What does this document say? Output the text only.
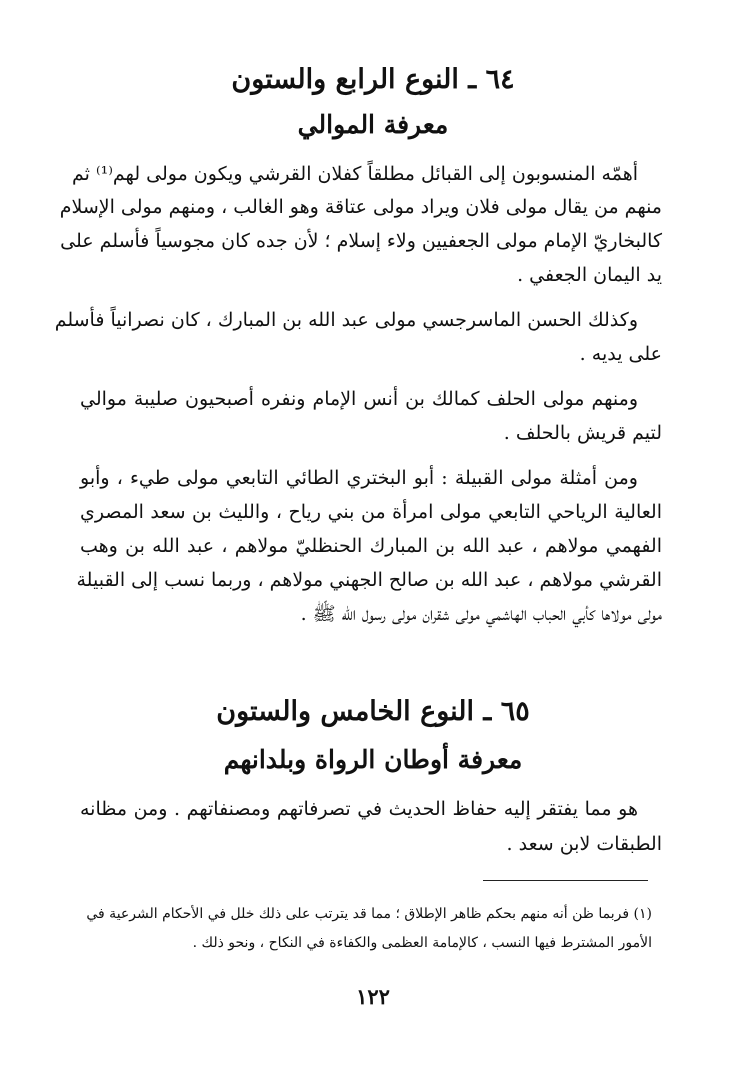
٦٤ ـ النوع الرابع والستون
معرفة الموالي
أهمّه المنسوبون إلى القبائل مطلقاً كفلان القرشي ويكون مولى لهم⁽¹⁾ ثم
منهم من يقال مولى فلان ويراد مولى عتاقة وهو الغالب ، ومنهم مولى الإسلام
كالبخاريّ الإمام مولى الجعفيين ولاء إسلام ؛ لأن جده كان مجوسياً فأسلم على
يد اليمان الجعفي .
وكذلك الحسن الماسرجسي مولى عبد الله بن المبارك ، كان نصرانياً فأسلم
على يديه .
ومنهم مولى الحلف كمالك بن أنس الإمام ونفره أصبحيون صليبة موالي
لتيم قريش بالحلف .
ومن أمثلة مولى القبيلة : أبو البختري الطائي التابعي مولى طيء ، وأبو
العالية الرياحي التابعي مولى امرأة من بني رياح ، والليث بن سعد المصري
الفهمي مولاهم ، عبد الله بن المبارك الحنظليّ مولاهم ، عبد الله بن وهب
القرشي مولاهم ، عبد الله بن صالح الجهني مولاهم ، وربما نسب إلى القبيلة
مولى مولاها كأبي الحباب الهاشمي مولى شقران مولى رسول الله ﷺ .
٦٥ ـ النوع الخامس والستون
معرفة أوطان الرواة وبلدانهم
هو مما يفتقر إليه حفاظ الحديث في تصرفاتهم ومصنفاتهم . ومن مظانه
الطبقات لابن سعد .
(١) فربما ظن أنه منهم بحكم ظاهر الإطلاق ؛ مما قد يترتب على ذلك خلل في الأحكام الشرعية في
الأمور المشترط فيها النسب ، كالإمامة العظمى والكفاءة في النكاح ، ونحو ذلك .
١٢٢
